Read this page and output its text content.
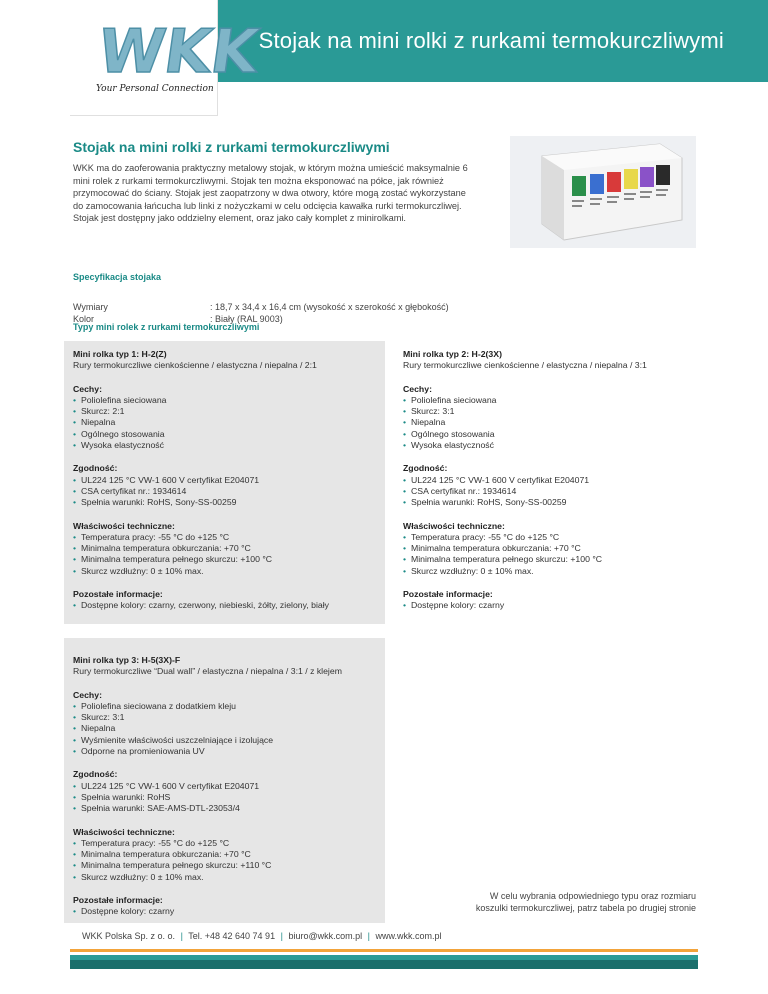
Stojak na mini rolki z rurkami termokurczliwymi
WKK
Your Personal Connection
Stojak na mini rolki z rurkami termokurczliwymi
WKK ma do zaoferowania praktyczny metalowy stojak, w którym można umieścić maksymalnie 6
mini rolek z rurkami termokurczliwymi. Stojak ten można eksponować na półce, jak również
przymocować do ściany. Stojak jest zaopatrzony w dwa otwory, które mogą zostać wykorzystane
do zamocowania łańcucha lub linki z nożyczkami w celu odcięcia kawałka rurki termokurczliwej.
Stojak jest dostępny jako oddzielny element, oraz jako cały komplet z minirolkami.
Specyfikacja stojaka
Wymiary	: 18,7 x 34,4 x 16,4 cm (wysokość x szerokość x głębokość)
Kolor	: Biały (RAL 9003)
Typy mini rolek z rurkami termokurczliwymi
Mini rolka typ 1: H-2(Z)
Rury termokurczliwe cienkościenne / elastyczna / niepalna / 2:1
Cechy:
• Poliolefina sieciowana
• Skurcz: 2:1
• Niepalna
• Ogólnego stosowania
• Wysoka elastyczność
Zgodność:
• UL224 125 °C VW-1 600 V certyfikat E204071
• CSA certyfikat nr.: 1934614
• Spełnia warunki: RoHS, Sony-SS-00259
Właściwości techniczne:
• Temperatura pracy: -55 °C do +125 °C
• Minimalna temperatura obkurczania: +70 °C
• Minimalna temperatura pełnego skurczu: +100 °C
• Skurcz wzdłużny: 0 ± 10% max.
Pozostałe informacje:
• Dostępne kolory: czarny, czerwony, niebieski, żółty, zielony, biały
Mini rolka typ 2: H-2(3X)
Rury termokurczliwe cienkościenne / elastyczna / niepalna / 3:1
Cechy:
• Poliolefina sieciowana
• Skurcz: 3:1
• Niepalna
• Ogólnego stosowania
• Wysoka elastyczność
Zgodność:
• UL224 125 °C VW-1 600 V certyfikat E204071
• CSA certyfikat nr.: 1934614
• Spełnia warunki: RoHS, Sony-SS-00259
Właściwości techniczne:
• Temperatura pracy: -55 °C do +125 °C
• Minimalna temperatura obkurczania: +70 °C
• Minimalna temperatura pełnego skurczu: +100 °C
• Skurcz wzdłużny: 0 ± 10% max.
Pozostałe informacje:
• Dostępne kolory: czarny
Mini rolka typ 3: H-5(3X)-F
Rury termokurczliwe “Dual wall” / elastyczna / niepalna / 3:1 / z klejem
Cechy:
• Poliolefina sieciowana z dodatkiem kleju
• Skurcz: 3:1
• Niepalna
• Wyśmienite właściwości uszczelniające i izolujące
• Odporne na promieniowania UV
Zgodność:
• UL224 125 °C VW-1 600 V certyfikat E204071
• Spełnia warunki: RoHS
• Spełnia warunki: SAE-AMS-DTL-23053/4
Właściwości techniczne:
• Temperatura pracy: -55 °C do +125 °C
• Minimalna temperatura obkurczania: +70 °C
• Minimalna temperatura pełnego skurczu: +110 °C
• Skurcz wzdłużny: 0 ± 10% max.
Pozostałe informacje:
• Dostępne kolory: czarny
W celu wybrania odpowiedniego typu oraz rozmiaru
koszulki termokurczliwej, patrz tabela po drugiej stronie
WKK Polska Sp. z o. o. | Tel. +48 42 640 74 91 | biuro@wkk.com.pl | www.wkk.com.pl
